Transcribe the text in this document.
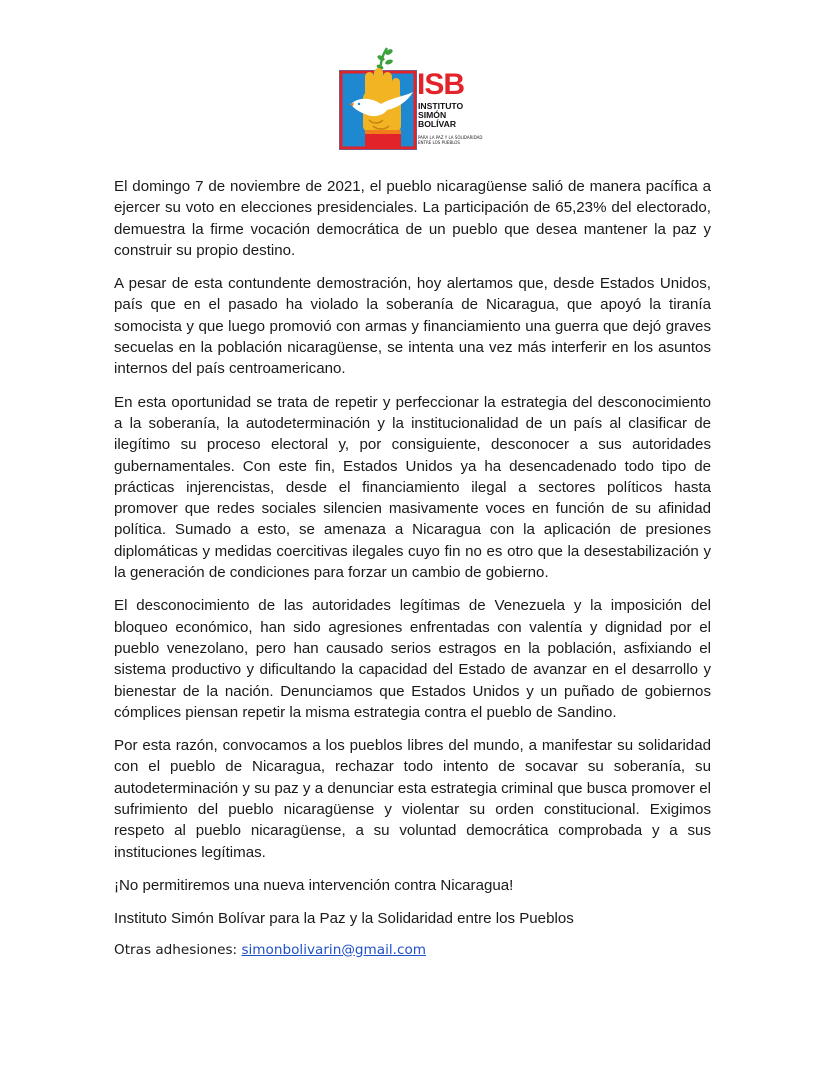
ISB
INSTITUTO
SIMÓN
BOLÍVAR
PARA LA PAZ Y LA SOLIDARIDAD ENTRE LOS PUEBLOS

El domingo 7 de noviembre de 2021, el pueblo nicaragüense salió de manera pacífica a ejercer su voto en elecciones presidenciales. La participación de 65,23% del electorado, demuestra la firme vocación democrática de un pueblo que desea mantener la paz y construir su propio destino.

A pesar de esta contundente demostración, hoy alertamos que, desde Estados Unidos, país que en el pasado ha violado la soberanía de Nicaragua, que apoyó la tiranía somocista y que luego promovió con armas y financiamiento una guerra que dejó graves secuelas en la población nicaragüense, se intenta una vez más interferir en los asuntos internos del país centroamericano.

En esta oportunidad se trata de repetir y perfeccionar la estrategia del desconocimiento a la soberanía, la autodeterminación y la institucionalidad de un país al clasificar de ilegítimo su proceso electoral y, por consiguiente, desconocer a sus autoridades gubernamentales. Con este fin, Estados Unidos ya ha desencadenado todo tipo de prácticas injerencistas, desde el financiamiento ilegal a sectores políticos hasta promover que redes sociales silencien masivamente voces en función de su afinidad política. Sumado a esto, se amenaza a Nicaragua con la aplicación de presiones diplomáticas y medidas coercitivas ilegales cuyo fin no es otro que la desestabilización y la generación de condiciones para forzar un cambio de gobierno.

El desconocimiento de las autoridades legítimas de Venezuela y la imposición del bloqueo económico, han sido agresiones enfrentadas con valentía y dignidad por el pueblo venezolano, pero han causado serios estragos en la población, asfixiando el sistema productivo y dificultando la capacidad del Estado de avanzar en el desarrollo y bienestar de la nación. Denunciamos que Estados Unidos y un puñado de gobiernos cómplices piensan repetir la misma estrategia contra el pueblo de Sandino.

Por esta razón, convocamos a los pueblos libres del mundo, a manifestar su solidaridad con el pueblo de Nicaragua, rechazar todo intento de socavar su soberanía, su autodeterminación y su paz y a denunciar esta estrategia criminal que busca promover el sufrimiento del pueblo nicaragüense y violentar su orden constitucional. Exigimos respeto al pueblo nicaragüense, a su voluntad democrática comprobada y a sus instituciones legítimas.

¡No permitiremos una nueva intervención contra Nicaragua!

Instituto Simón Bolívar para la Paz y la Solidaridad entre los Pueblos

Otras adhesiones: simonbolivarin@gmail.com
